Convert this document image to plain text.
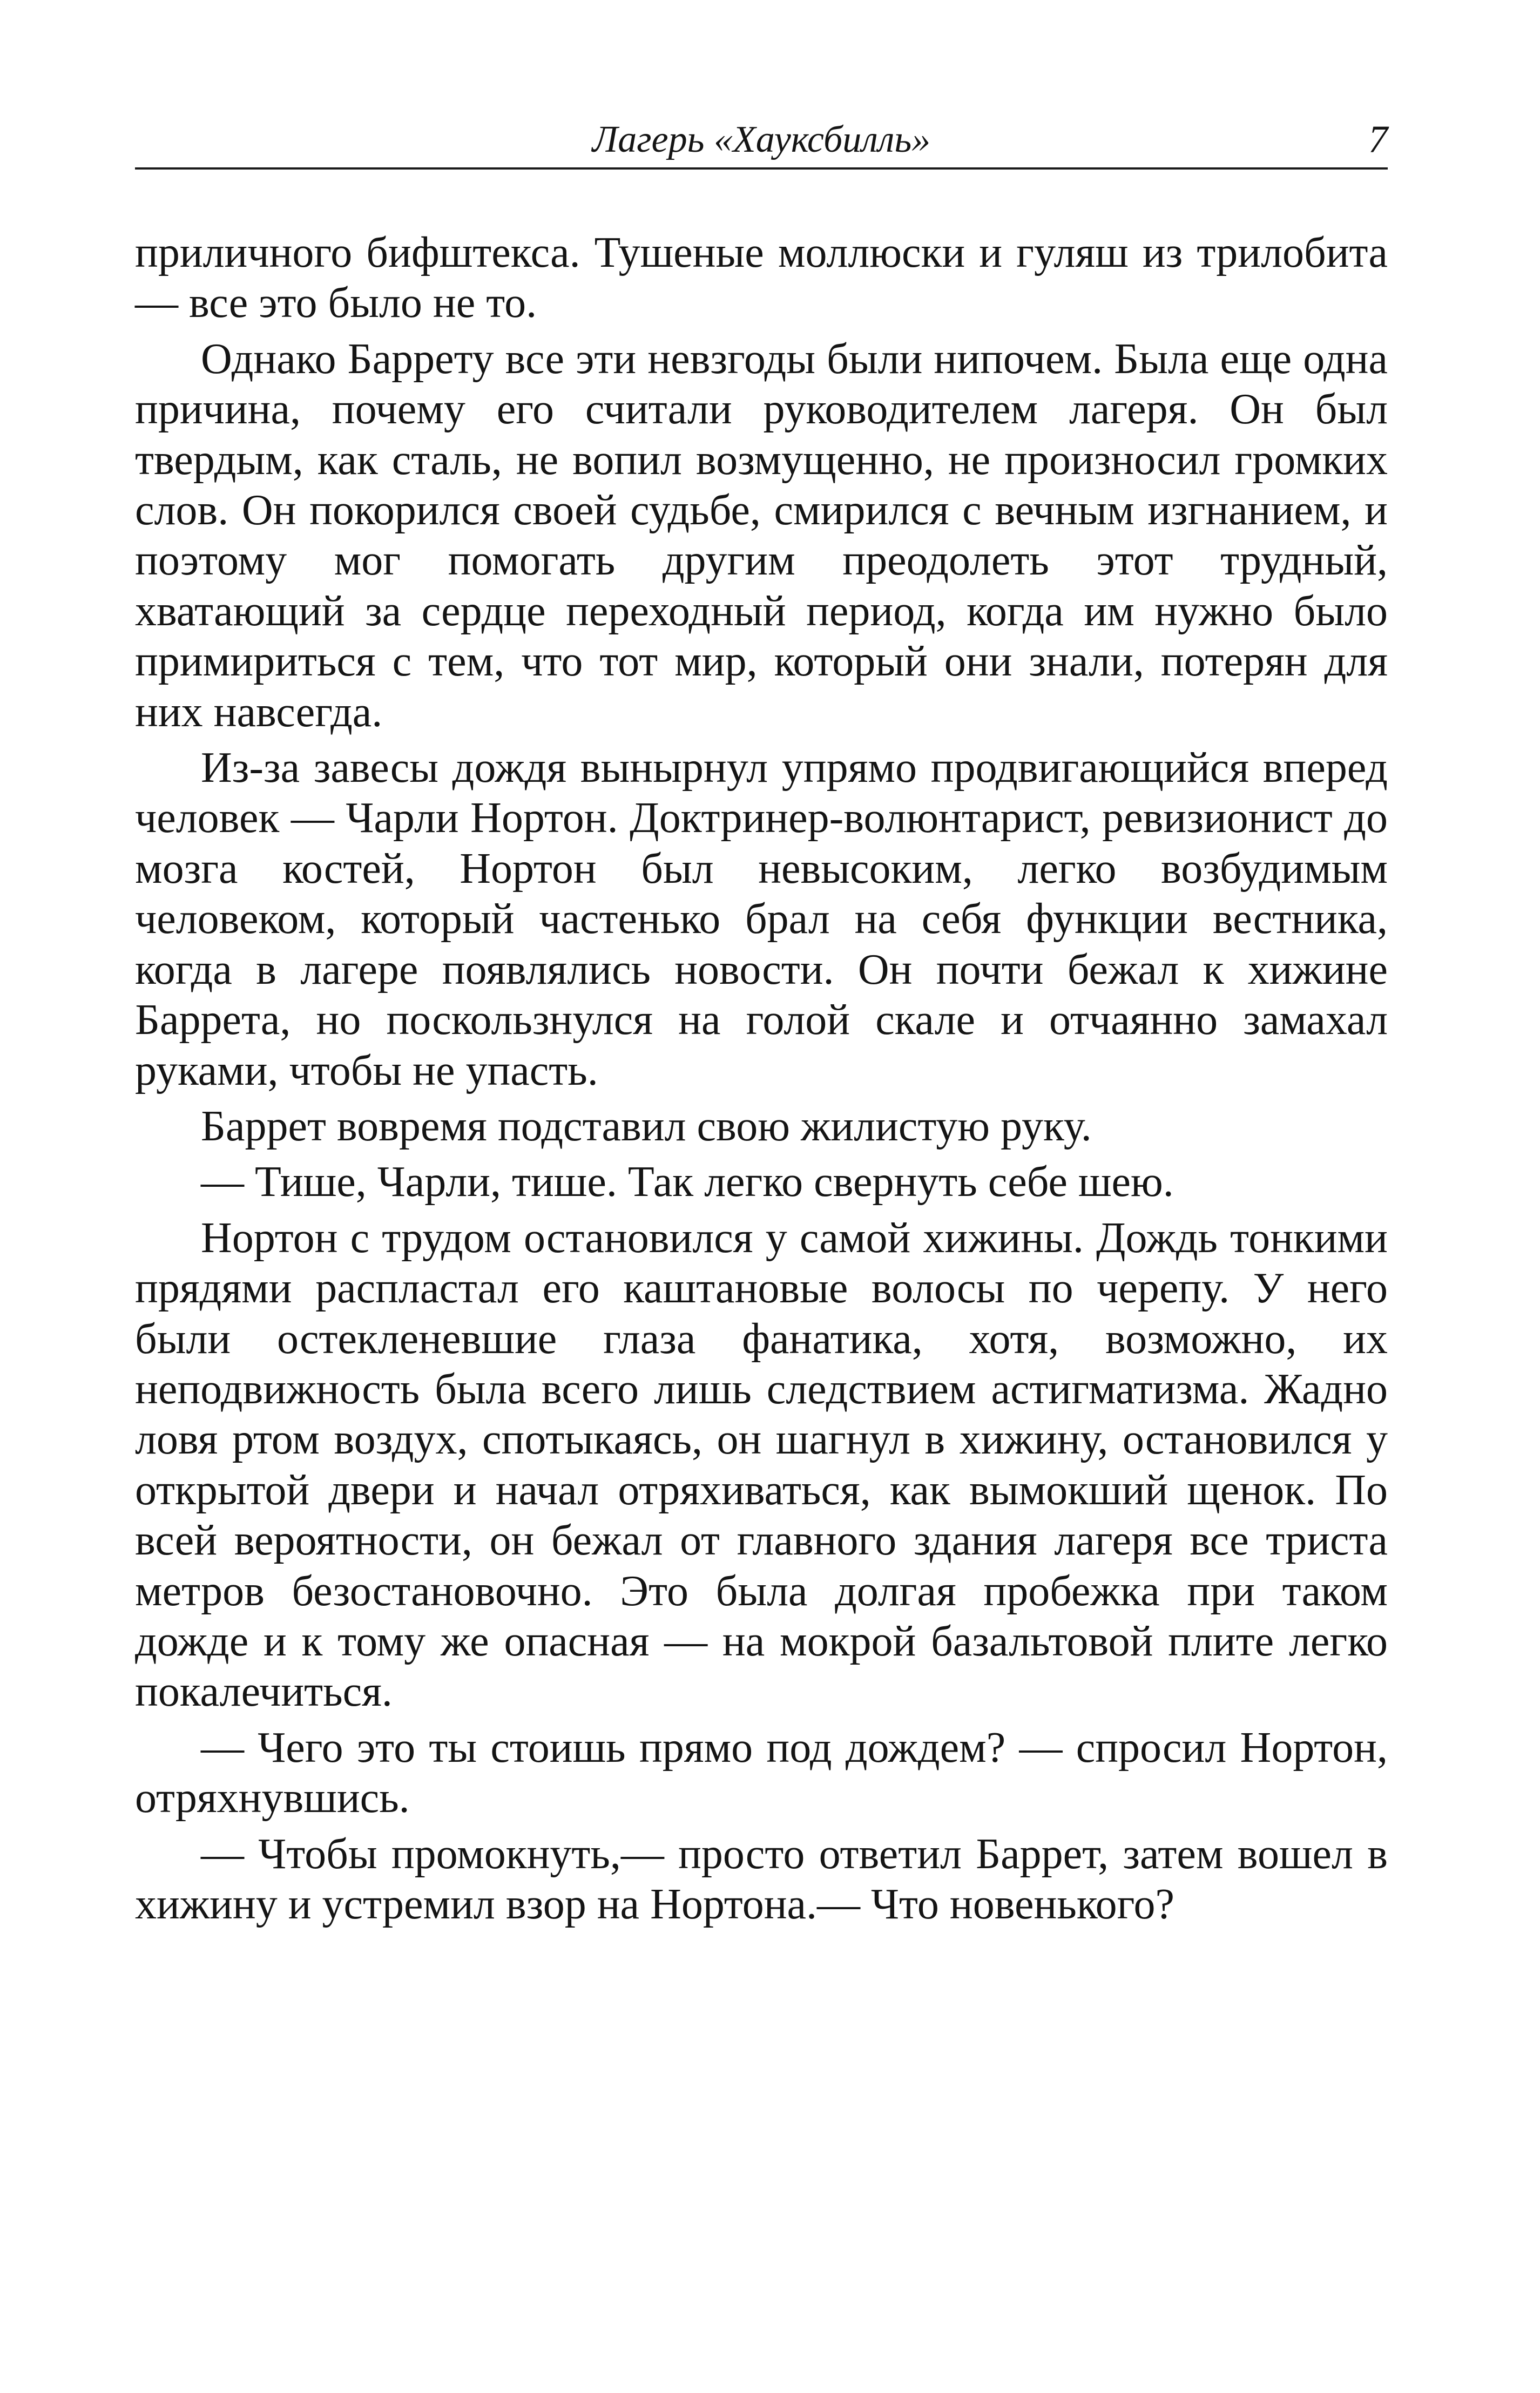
Лагерь «Хауксбилль»	7

приличного бифштекса. Тушеные моллюски и гуляш из трилобита — все это было не то.

Однако Баррету все эти невзгоды были нипочем. Была еще одна причина, почему его считали руководителем лагеря. Он был твердым, как сталь, не вопил возмущенно, не произносил громких слов. Он покорился своей судьбе, смирился с вечным изгнанием, и поэтому мог помогать другим преодолеть этот трудный, хватающий за сердце переходный период, когда им нужно было примириться с тем, что тот мир, который они знали, потерян для них навсегда.

Из-за завесы дождя вынырнул упрямо продвигающийся вперед человек — Чарли Нортон. Доктринер-волюнтарист, ревизионист до мозга костей, Нортон был невысоким, легко возбудимым человеком, который частенько брал на себя функции вестника, когда в лагере появлялись новости. Он почти бежал к хижине Баррета, но поскользнулся на голой скале и отчаянно замахал руками, чтобы не упасть.

Баррет вовремя подставил свою жилистую руку.

— Тише, Чарли, тише. Так легко свернуть себе шею.

Нортон с трудом остановился у самой хижины. Дождь тонкими прядями распластал его каштановые волосы по черепу. У него были остекленевшие глаза фанатика, хотя, возможно, их неподвижность была всего лишь следствием астигматизма. Жадно ловя ртом воздух, спотыкаясь, он шагнул в хижину, остановился у открытой двери и начал отряхиваться, как вымокший щенок. По всей вероятности, он бежал от главного здания лагеря все триста метров безостановочно. Это была долгая пробежка при таком дожде и к тому же опасная — на мокрой базальтовой плите легко покалечиться.

— Чего это ты стоишь прямо под дождем? — спросил Нортон, отряхнувшись.

— Чтобы промокнуть,— просто ответил Баррет, затем вошел в хижину и устремил взор на Нортона.— Что новенького?
